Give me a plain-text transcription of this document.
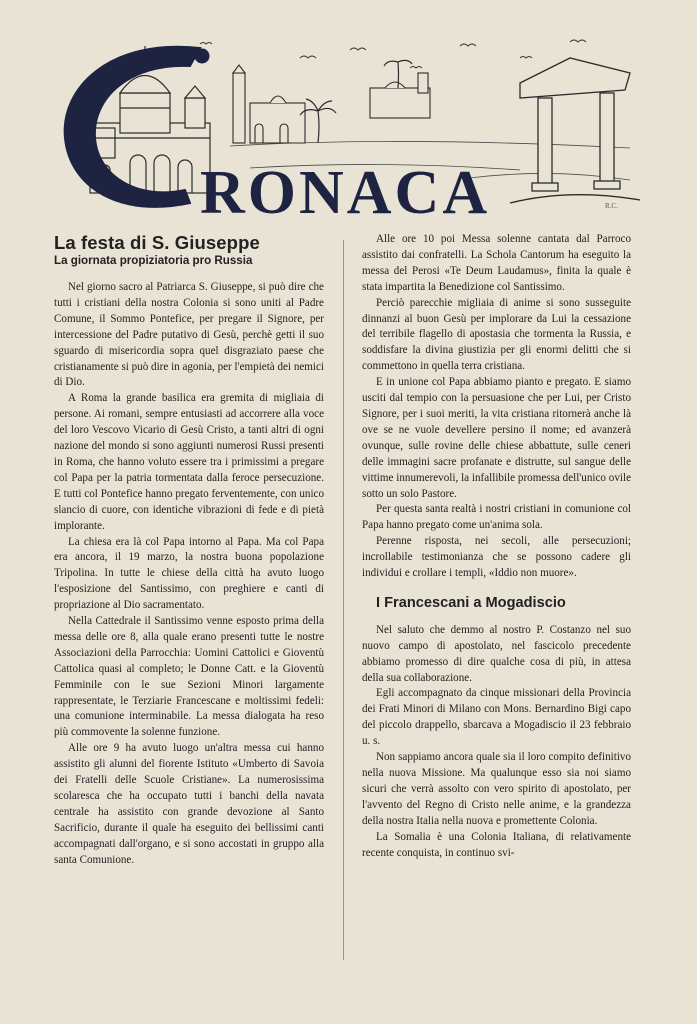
RONACA	R.C.
La festa di S. Giuseppe
La giornata propiziatoria pro Russia

Nel giorno sacro al Patriarca S. Giuseppe, si può dire che tutti i cristiani della nostra Colonia si sono uniti al Padre Comune, il Sommo Pontefice, per pregare il Signore, per intercessione del Padre putativo di Gesù, perchè getti il suo sguardo di misericordia sopra quel disgraziato paese che cristianamente si può dire in agonia, per l'empietà dei nemici di Dio.

A Roma la grande basilica era gremita di migliaia di persone. Ai romani, sempre entusiasti ad accorrere alla voce del loro Vescovo Vicario di Gesù Cristo, a tanti altri di ogni nazione del mondo si sono aggiunti numerosi Russi presenti in Roma, che hanno voluto essere tra i primissimi a pregare col Papa per la patria tormentata dalla feroce persecuzione. E tutti col Pontefice hanno pregato ferventemente, con unico slancio di cuore, con identiche vibrazioni di fede e di pietà implorante.

La chiesa era là col Papa intorno al Papa. Ma col Papa era ancora, il 19 marzo, la nostra buona popolazione Tripolina. In tutte le chiese della città ha avuto luogo l'esposizione del Santissimo, con preghiere e canti di propriazione al Dio sacramentato.

Nella Cattedrale il Santissimo venne esposto prima della messa delle ore 8, alla quale erano presenti tutte le nostre Associazioni della Parrocchia: Uomini Cattolici e Gioventù Cattolica quasi al completo; le Donne Catt. e la Gioventù Femminile con le sue Sezioni Minori largamente rappresentate, le Terziarie Francescane e moltissimi fedeli: una comunione interminabile. La messa dialogata ha reso più commovente la solenne funzione.

Alle ore 9 ha avuto luogo un'altra messa cui hanno assistito gli alunni del fiorente Istituto «Umberto di Savoia dei Fratelli delle Scuole Cristiane». La numerosissima scolaresca che ha occupato tutti i banchi della navata centrale ha assistito con grande devozione al Santo Sacrificio, durante il quale ha eseguito dei bellissimi canti accompagnati dall'organo, e si sono accostati in gruppo alla santa Comunione.

Alle ore 10 poi Messa solenne cantata dal Parroco assistito dai confratelli. La Schola Cantorum ha eseguito la messa del Perosi «Te Deum Laudamus», finita la quale è stata impartita la Benedizione col Santissimo.

Perciò parecchie migliaia di anime si sono susseguite dinnanzi al buon Gesù per implorare da Lui la cessazione del terribile flagello di apostasia che tormenta la Russia, e soddisfare la divina giustizia per gli enormi delitti che si commettono in quella terra cristiana.

E in unione col Papa abbiamo pianto e pregato. E siamo usciti dal tempio con la persuasione che per Lui, per Cristo Signore, per i suoi meriti, la vita cristiana ritornerà anche là ove se ne vuole devellere persino il nome; ed avanzerà ovunque, sulle rovine delle chiese abbattute, sulle ceneri delle immagini sacre profanate e distrutte, sul sangue delle vittime innumerevoli, la infallibile promessa dell'unico ovile sotto un solo Pastore.

Per questa santa realtà i nostri cristiani in comunione col Papa hanno pregato come un'anima sola.

Perenne risposta, nei secoli, alle persecuzioni; incrollabile testimonianza che se possono cadere gli individui e crollare i templi, «Iddio non muore».

I Francescani a Mogadiscio

Nel saluto che demmo al nostro P. Costanzo nel suo nuovo campo di apostolato, nel fascicolo precedente abbiamo promesso di dire qualche cosa di più, in attesa della sua collaborazione.

Egli accompagnato da cinque missionari della Provincia dei Frati Minori di Milano con Mons. Bernardino Bigi capo del piccolo drappello, sbarcava a Mogadiscio il 23 febbraio u. s.

Non sappiamo ancora quale sia il loro compito definitivo nella nuova Missione. Ma qualunque esso sia noi siamo sicuri che verrà assolto con vero spirito di apostolato, per l'avvento del Regno di Cristo nelle anime, e la grandezza della nostra Italia nella nuova e promettente Colonia.

La Somalia è una Colonia Italiana, di relativamente recente conquista, in continuo svi-
